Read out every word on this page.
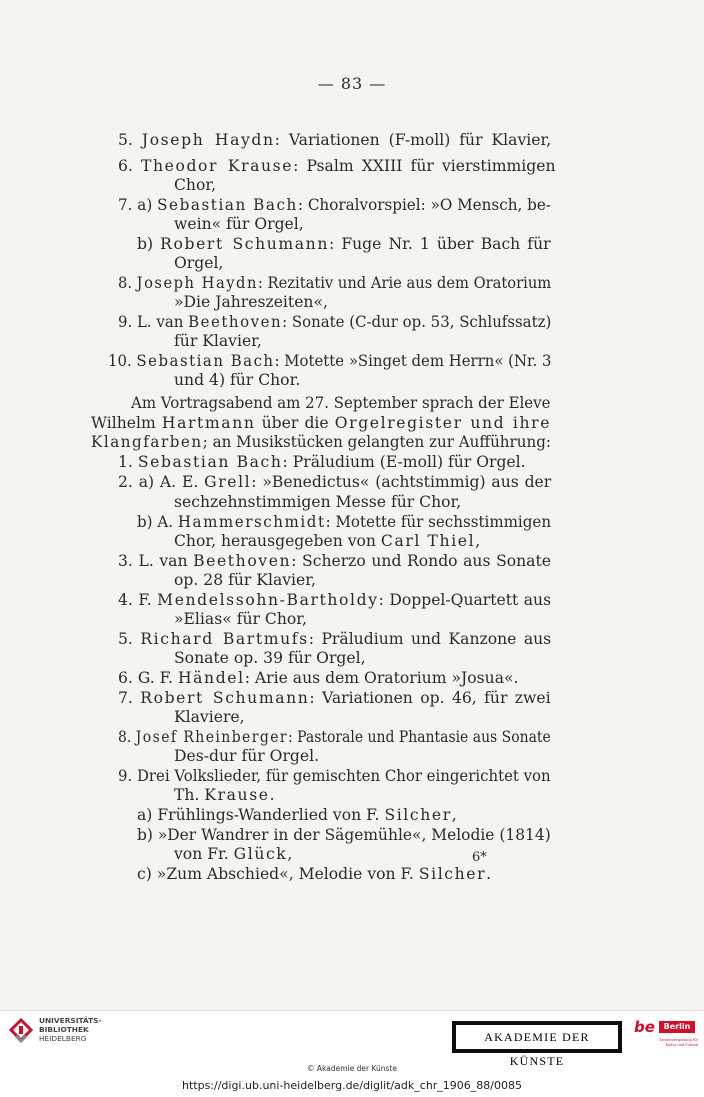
— 83 —
5. Joseph Haydn: Variationen (F-moll) für Klavier,
6. Theodor Krause: Psalm XXIII für vierstimmigen
Chor,
7. a) Sebastian Bach: Choralvorspiel: »O Mensch, be-
wein« für Orgel,
b) Robert Schumann: Fuge Nr. 1 über Bach für
Orgel,
8. Joseph Haydn: Rezitativ und Arie aus dem Oratorium
»Die Jahreszeiten«,
9. L. van Beethoven: Sonate (C-dur op. 53, Schlufssatz)
für Klavier,
10. Sebastian Bach: Motette »Singet dem Herrn« (Nr. 3
und 4) für Chor.
Am Vortragsabend am 27. September sprach der Eleve
Wilhelm Hartmann über die Orgelregister und ihre
Klangfarben; an Musikstücken gelangten zur Aufführung:
1. Sebastian Bach: Präludium (E-moll) für Orgel.
2. a) A. E. Grell: »Benedictus« (achtstimmig) aus der
sechzehnstimmigen Messe für Chor,
b) A. Hammerschmidt: Motette für sechsstimmigen
Chor, herausgegeben von Carl Thiel,
3. L. van Beethoven: Scherzo und Rondo aus Sonate
op. 28 für Klavier,
4. F. Mendelssohn-Bartholdy: Doppel-Quartett aus
»Elias« für Chor,
5. Richard Bartmufs: Präludium und Kanzone aus
Sonate op. 39 für Orgel,
6. G. F. Händel: Arie aus dem Oratorium »Josua«.
7. Robert Schumann: Variationen op. 46, für zwei
Klaviere,
8. Josef Rheinberger: Pastorale und Phantasie aus Sonate
Des-dur für Orgel.
9. Drei Volkslieder, für gemischten Chor eingerichtet von
Th. Krause.
a) Frühlings-Wanderlied von F. Silcher,
b) »Der Wandrer in der Sägemühle«, Melodie (1814)
von Fr. Glück,
c) »Zum Abschied«, Melodie von F. Silcher.
6*
UNIVERSITÄTS-
BIBLIOTHEK
HEIDELBERG	AKADEMIE DER KÜNSTE
be	Berlin
Senatsverwaltung für Kultur und Europa
© Akademie der Künste
https://digi.ub.uni-heidelberg.de/diglit/adk_chr_1906_88/0085
